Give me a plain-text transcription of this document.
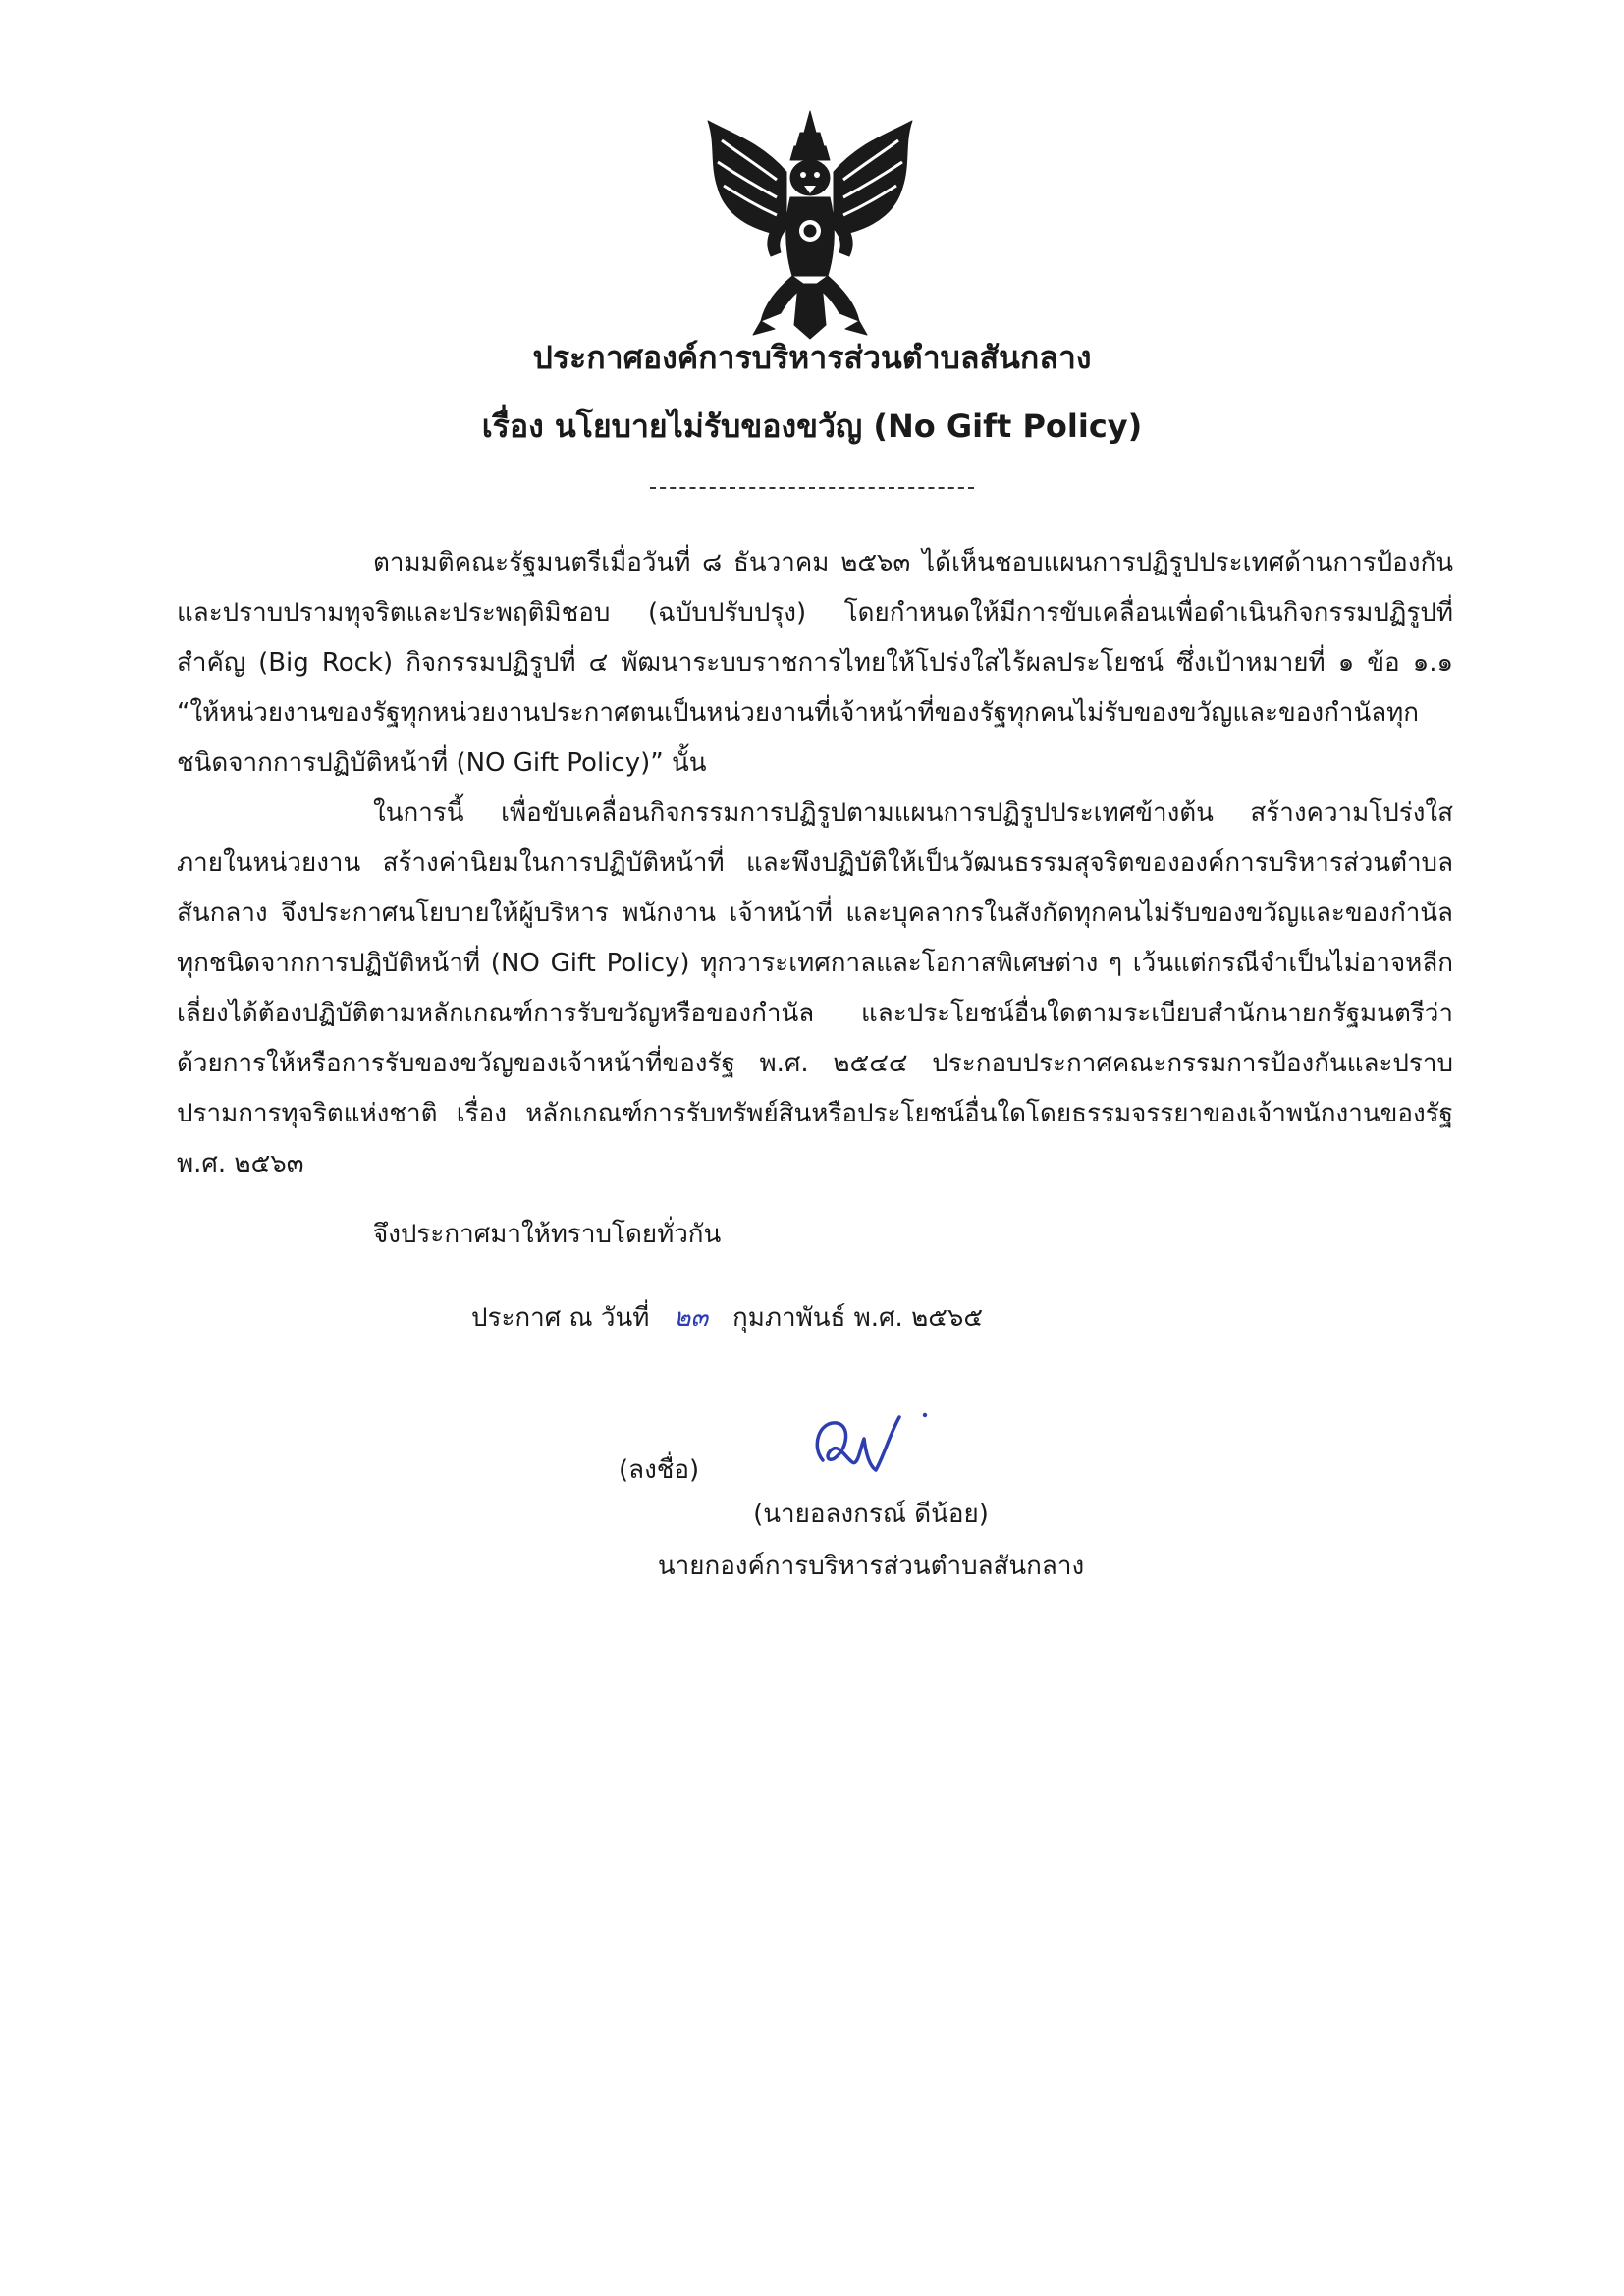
ประกาศองค์การบริหารส่วนตำบลสันกลาง
เรื่อง นโยบายไม่รับของขวัญ (No Gift Policy)

ตามมติคณะรัฐมนตรีเมื่อวันที่ ๘ ธันวาคม ๒๕๖๓ ได้เห็นชอบแผนการปฏิรูปประเทศด้านการป้องกันและปราบปรามทุจริตและประพฤติมิชอบ (ฉบับปรับปรุง) โดยกำหนดให้มีการขับเคลื่อนเพื่อดำเนินกิจกรรมปฏิรูปที่สำคัญ (Big Rock) กิจกรรมปฏิรูปที่ ๔ พัฒนาระบบราชการไทยให้โปร่งใสไร้ผลประโยชน์ ซึ่งเป้าหมายที่ ๑ ข้อ ๑.๑ “ให้หน่วยงานของรัฐทุกหน่วยงานประกาศตนเป็นหน่วยงานที่เจ้าหน้าที่ของรัฐทุกคนไม่รับของขวัญและของกำนัลทุกชนิดจากการปฏิบัติหน้าที่ (NO Gift Policy)” นั้น

ในการนี้ เพื่อขับเคลื่อนกิจกรรมการปฏิรูปตามแผนการปฏิรูปประเทศข้างต้น สร้างความโปร่งใสภายในหน่วยงาน สร้างค่านิยมในการปฏิบัติหน้าที่ และพึงปฏิบัติให้เป็นวัฒนธรรมสุจริตขององค์การบริหารส่วนตำบลสันกลาง จึงประกาศนโยบายให้ผู้บริหาร พนักงาน เจ้าหน้าที่ และบุคลากรในสังกัดทุกคนไม่รับของขวัญและของกำนัลทุกชนิดจากการปฏิบัติหน้าที่ (NO Gift Policy) ทุกวาระเทศกาลและโอกาสพิเศษต่าง ๆ เว้นแต่กรณีจำเป็นไม่อาจหลีกเลี่ยงได้ต้องปฏิบัติตามหลักเกณฑ์การรับขวัญหรือของกำนัล และประโยชน์อื่นใดตามระเบียบสำนักนายกรัฐมนตรีว่าด้วยการให้หรือการรับของขวัญของเจ้าหน้าที่ของรัฐ พ.ศ. ๒๕๔๔ ประกอบประกาศคณะกรรมการป้องกันและปราบปรามการทุจริตแห่งชาติ เรื่อง หลักเกณฑ์การรับทรัพย์สินหรือประโยชน์อื่นใดโดยธรรมจรรยาของเจ้าพนักงานของรัฐ พ.ศ. ๒๕๖๓

จึงประกาศมาให้ทราบโดยทั่วกัน
ประกาศ ณ วันที่ ๒๓ กุมภาพันธ์ พ.ศ. ๒๕๖๕
(ลงชื่อ)
(นายอลงกรณ์ ดีน้อย)
นายกองค์การบริหารส่วนตำบลสันกลาง
